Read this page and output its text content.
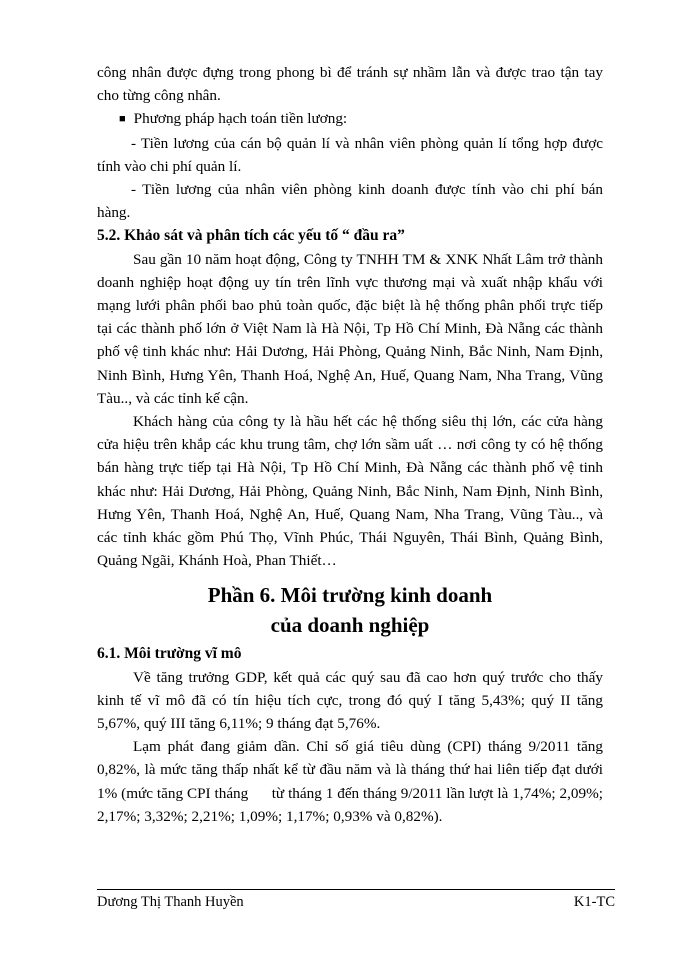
công nhân được đựng trong phong bì để tránh sự nhầm lẫn và được trao tận tay cho từng công nhân.

■ Phương pháp hạch toán tiền lương:

- Tiền lương của cán bộ quản lí và nhân viên phòng quản lí tổng hợp được tính vào chi phí quản lí.

- Tiền lương của nhân viên phòng kinh doanh được tính vào chi phí bán hàng.

5.2. Khảo sát và phân tích các yếu tố “ đầu ra”

Sau gần 10 năm hoạt động, Công ty TNHH TM & XNK Nhất Lâm trở thành doanh nghiệp hoạt động uy tín trên lĩnh vực thương mại và xuất nhập khẩu với mạng lưới phân phối bao phủ toàn quốc, đặc biệt là hệ thống phân phối trực tiếp tại các thành phố lớn ở Việt Nam là Hà Nội, Tp Hồ Chí Minh, Đà Nẵng các thành phố vệ tinh khác như: Hải Dương, Hải Phòng, Quảng Ninh, Bắc Ninh, Nam Định, Ninh Bình, Hưng Yên, Thanh Hoá, Nghệ An, Huế, Quang Nam, Nha Trang, Vũng Tàu.., và các tỉnh kế cận.

Khách hàng của công ty là hầu hết các hệ thống siêu thị lớn, các cửa hàng cửa hiệu trên khắp các khu trung tâm, chợ lớn sầm uất … nơi công ty có hệ thống bán hàng trực tiếp tại Hà Nội, Tp Hồ Chí Minh, Đà Nẵng các thành phố vệ tinh khác như: Hải Dương, Hải Phòng, Quảng Ninh, Bắc Ninh, Nam Định, Ninh Bình, Hưng Yên, Thanh Hoá, Nghệ An, Huế, Quang Nam, Nha Trang, Vũng Tàu.., và các tỉnh khác gồm Phú Thọ, Vĩnh Phúc, Thái Nguyên, Thái Bình, Quảng Bình, Quảng Ngãi, Khánh Hoà, Phan Thiết…

Phần 6. Môi trường kinh doanh

của doanh nghiệp

6.1. Môi trường vĩ mô

Về tăng trưởng GDP, kết quả các quý sau đã cao hơn quý trước cho thấy kinh tế vĩ mô đã có tín hiệu tích cực, trong đó quý I tăng 5,43%; quý II tăng 5,67%, quý III tăng 6,11%; 9 tháng đạt 5,76%.

Lạm phát đang giảm dần. Chỉ số giá tiêu dùng (CPI) tháng 9/2011 tăng 0,82%, là mức tăng thấp nhất kể từ đầu năm và là tháng thứ hai liên tiếp đạt dưới 1% (mức tăng CPI tháng      từ tháng 1 đến tháng 9/2011 lần lượt là 1,74%; 2,09%; 2,17%; 3,32%; 2,21%; 1,09%; 1,17%; 0,93% và 0,82%).

Dương Thị Thanh Huyền	K1-TC
